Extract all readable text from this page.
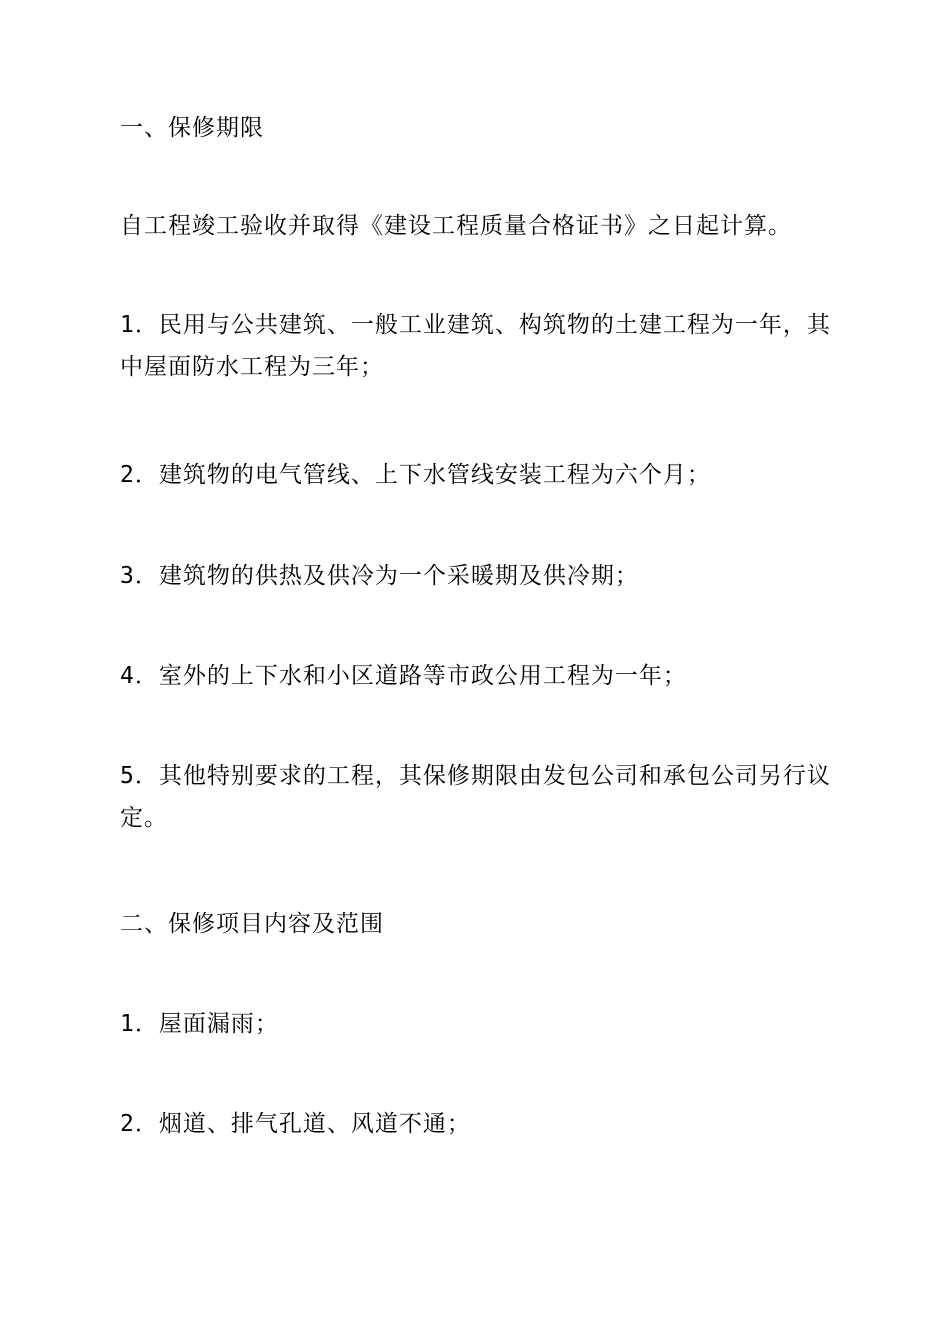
一、保修期限

自工程竣工验收并取得《建设工程质量合格证书》之日起计算。

1．民用与公共建筑、一般工业建筑、构筑物的土建工程为一年，其中屋面防水工程为三年；

2．建筑物的电气管线、上下水管线安装工程为六个月；

3．建筑物的供热及供冷为一个采暖期及供冷期；

4．室外的上下水和小区道路等市政公用工程为一年；

5．其他特别要求的工程，其保修期限由发包公司和承包公司另行议定。

二、保修项目内容及范围

1．屋面漏雨；

2．烟道、排气孔道、风道不通；
